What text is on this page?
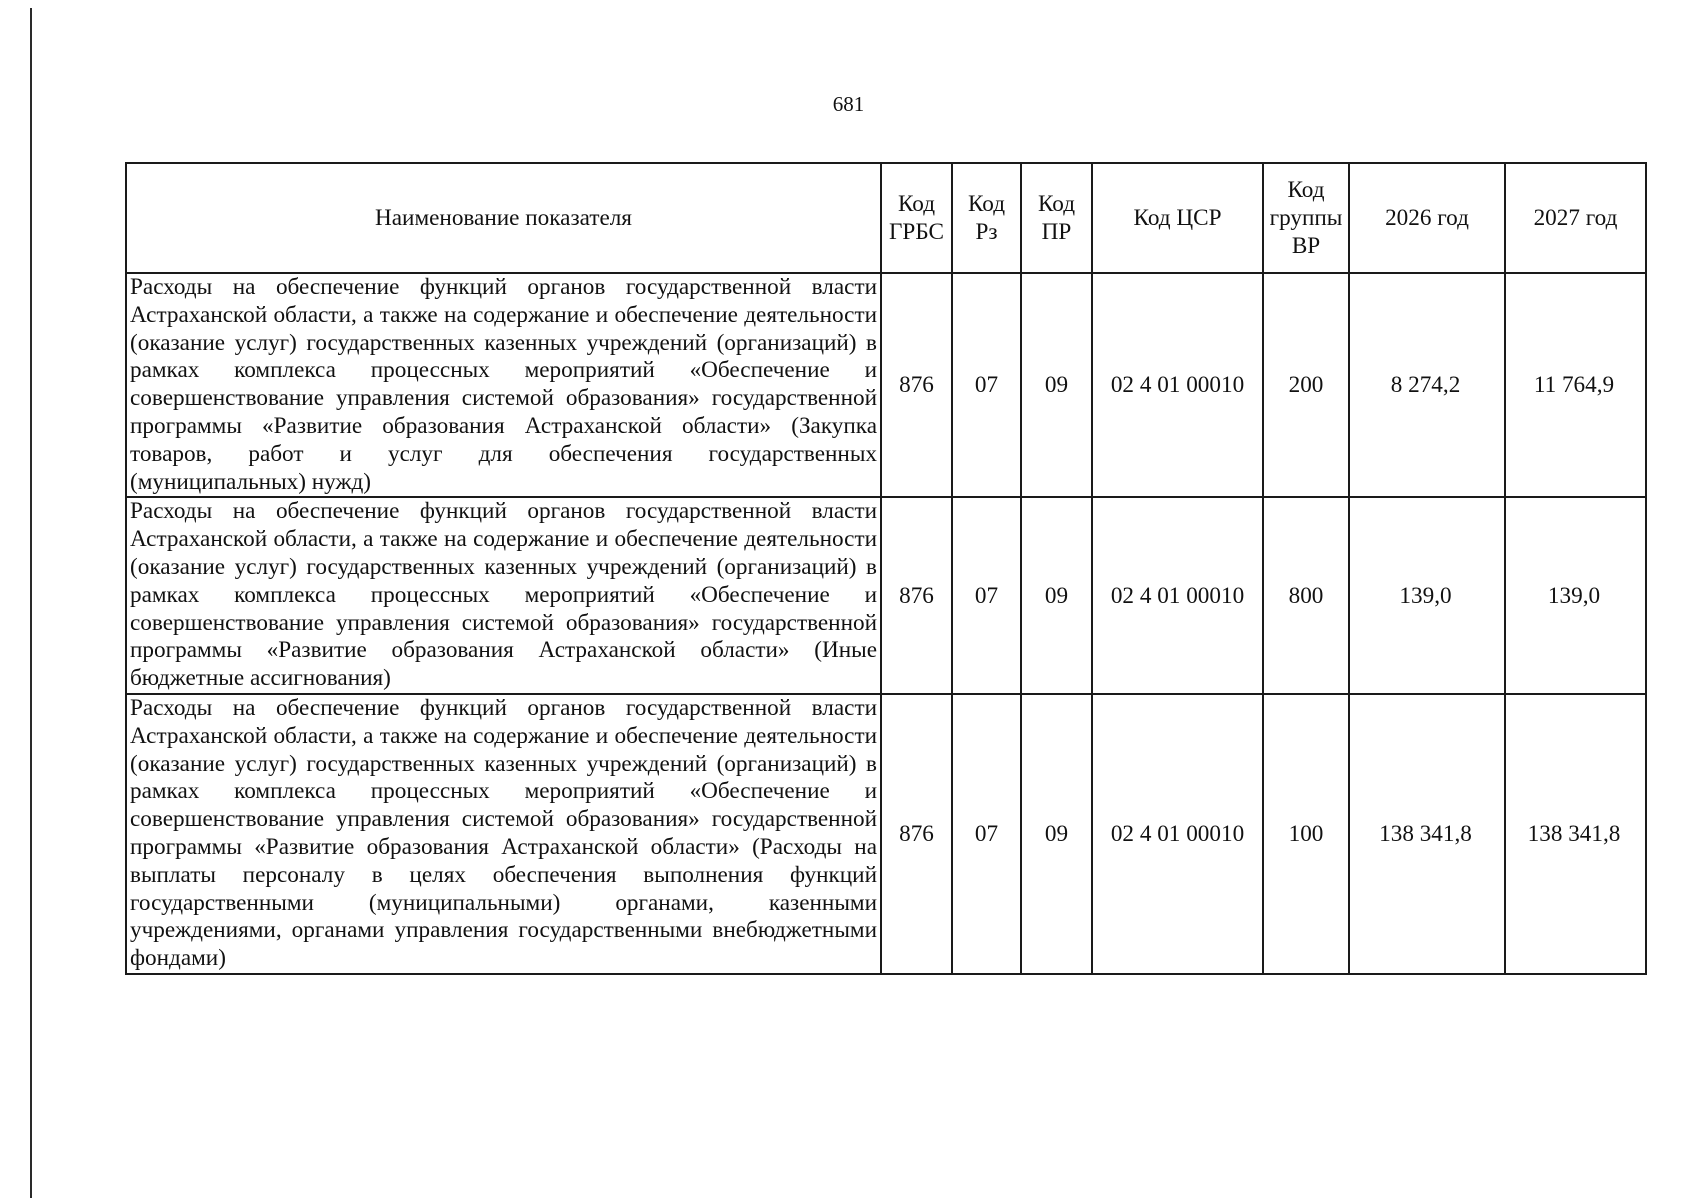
681
Наименование показателя	Код ГРБС	Код Рз	Код ПР	Код ЦСР	Код группы ВР	2026 год	2027 год
Расходы на обеспечение функций органов государственной власти Астраханской области, а также на содержание и обеспечение деятельности (оказание услуг) государственных казенных учреждений (организаций) в рамках комплекса процессных мероприятий «Обеспечение и совершенствование управления системой образования» государственной программы «Развитие образования Астраханской области» (Закупка товаров, работ и услуг для обеспечения государственных (муниципальных) нужд)	876	07	09	02 4 01 00010	200	8 274,2	11 764,9
Расходы на обеспечение функций органов государственной власти Астраханской области, а также на содержание и обеспечение деятельности (оказание услуг) государственных казенных учреждений (организаций) в рамках комплекса процессных мероприятий «Обеспечение и совершенствование управления системой образования» государственной программы «Развитие образования Астраханской области» (Иные бюджетные ассигнования)	876	07	09	02 4 01 00010	800	139,0	139,0
Расходы на обеспечение функций органов государственной власти Астраханской области, а также на содержание и обеспечение деятельности (оказание услуг) государственных казенных учреждений (организаций) в рамках комплекса процессных мероприятий «Обеспечение и совершенствование управления системой образования» государственной программы «Развитие образования Астраханской области» (Расходы на выплаты персоналу в целях обеспечения выполнения функций государственными (муниципальными) органами, казенными учреждениями, органами управления государственными внебюджетными фондами)	876	07	09	02 4 01 00010	100	138 341,8	138 341,8
